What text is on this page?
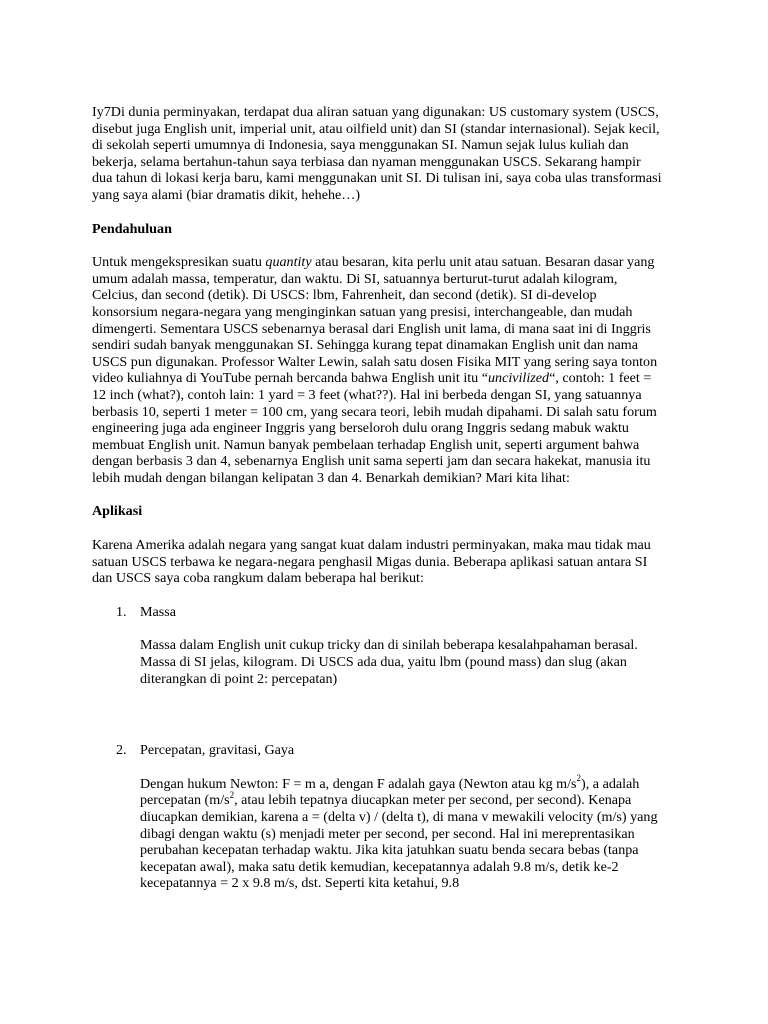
Iy7Di dunia perminyakan, terdapat dua aliran satuan yang digunakan: US customary system (USCS, disebut juga English unit, imperial unit, atau oilfield unit) dan SI (standar internasional). Sejak kecil, di sekolah seperti umumnya di Indonesia, saya menggunakan SI. Namun sejak lulus kuliah dan bekerja, selama bertahun-tahun saya terbiasa dan nyaman menggunakan USCS. Sekarang hampir dua tahun di lokasi kerja baru, kami menggunakan unit SI. Di tulisan ini, saya coba ulas transformasi yang saya alami (biar dramatis dikit, hehehe…)

Pendahuluan

Untuk mengekspresikan suatu quantity atau besaran, kita perlu unit atau satuan. Besaran dasar yang umum adalah massa, temperatur, dan waktu. Di SI, satuannya berturut-turut adalah kilogram, Celcius, dan second (detik). Di USCS: lbm, Fahrenheit, dan second (detik). SI di-develop konsorsium negara-negara yang menginginkan satuan yang presisi, interchangeable, dan mudah dimengerti. Sementara USCS sebenarnya berasal dari English unit lama, di mana saat ini di Inggris sendiri sudah banyak menggunakan SI. Sehingga kurang tepat dinamakan English unit dan nama USCS pun digunakan. Professor Walter Lewin, salah satu dosen Fisika MIT yang sering saya tonton video kuliahnya di YouTube pernah bercanda bahwa English unit itu “uncivilized“, contoh: 1 feet = 12 inch (what?), contoh lain: 1 yard = 3 feet (what??). Hal ini berbeda dengan SI, yang satuannya berbasis 10, seperti 1 meter = 100 cm, yang secara teori, lebih mudah dipahami. Di salah satu forum engineering juga ada engineer Inggris yang berseloroh dulu orang Inggris sedang mabuk waktu membuat English unit. Namun banyak pembelaan terhadap English unit, seperti argument bahwa dengan berbasis 3 dan 4, sebenarnya English unit sama seperti jam dan secara hakekat, manusia itu lebih mudah dengan bilangan kelipatan 3 dan 4. Benarkah demikian? Mari kita lihat:

Aplikasi

Karena Amerika adalah negara yang sangat kuat dalam industri perminyakan, maka mau tidak mau satuan USCS terbawa ke negara-negara penghasil Migas dunia. Beberapa aplikasi satuan antara SI dan USCS saya coba rangkum dalam beberapa hal berikut:

1. Massa

Massa dalam English unit cukup tricky dan di sinilah beberapa kesalahpahaman berasal. Massa di SI jelas, kilogram. Di USCS ada dua, yaitu lbm (pound mass) dan slug (akan diterangkan di point 2: percepatan)

2. Percepatan, gravitasi, Gaya

Dengan hukum Newton: F = m a, dengan F adalah gaya (Newton atau kg $m/s^2$), a adalah percepatan ($m/s^2$, atau lebih tepatnya diucapkan meter per second, per second). Kenapa diucapkan demikian, karena a = (delta v) / (delta t), di mana v mewakili velocity (m/s) yang dibagi dengan waktu (s) menjadi meter per second, per second. Hal ini mereprentasikan perubahan kecepatan terhadap waktu. Jika kita jatuhkan suatu benda secara bebas (tanpa kecepatan awal), maka satu detik kemudian, kecepatannya adalah 9.8 m/s, detik ke-2 kecepatannya = 2 x 9.8 m/s, dst. Seperti kita ketahui, 9.8
